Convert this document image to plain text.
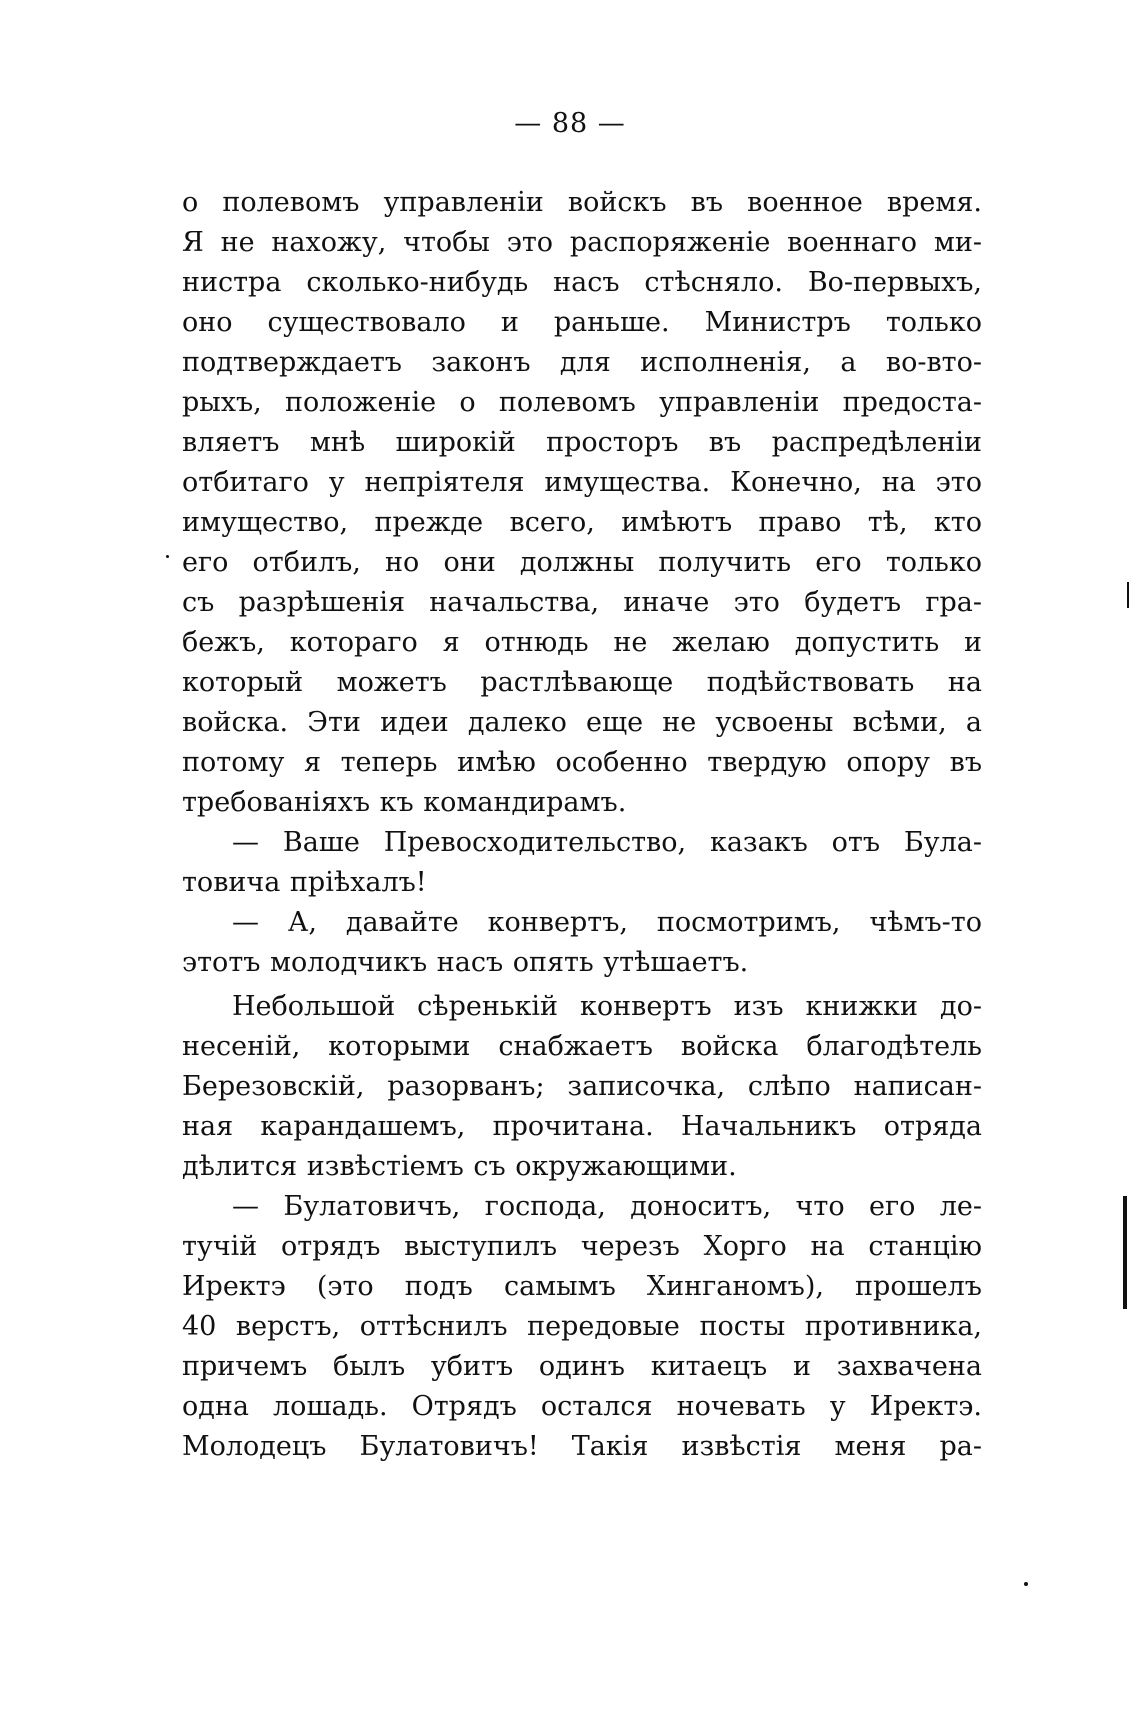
— 88 —
о полевомъ управленіи войскъ въ военное время.
Я не нахожу, чтобы это распоряженіе военнаго ми-
нистра сколько-нибудь насъ стѣсняло. Во-первыхъ,
оно существовало и раньше. Министръ только
подтверждаетъ законъ для исполненія, а во-вто-
рыхъ, положеніе о полевомъ управленіи предоста-
вляетъ мнѣ широкій просторъ въ распредѣленіи
отбитаго у непріятеля имущества. Конечно, на это
имущество, прежде всего, имѣютъ право тѣ, кто
его отбилъ, но они должны получить его только
съ разрѣшенія начальства, иначе это будетъ гра-
бежъ, котораго я отнюдь не желаю допустить и
который можетъ растлѣвающе подѣйствовать на
войска. Эти идеи далеко еще не усвоены всѣми, а
потому я теперь имѣю особенно твердую опору въ
требованіяхъ къ командирамъ.
— Ваше Превосходительство, казакъ отъ Була-
товича пріѣхалъ!
— А, давайте конвертъ, посмотримъ, чѣмъ-то
этотъ молодчикъ насъ опять утѣшаетъ.
Небольшой сѣренькій конвертъ изъ книжки до-
несеній, которыми снабжаетъ войска благодѣтель
Березовскій, разорванъ; записочка, слѣпо написан-
ная карандашемъ, прочитана. Начальникъ отряда
дѣлится извѣстіемъ съ окружающими.
— Булатовичъ, господа, доноситъ, что его ле-
тучій отрядъ выступилъ черезъ Хорго на станцію
Иректэ (это подъ самымъ Хинганомъ), прошелъ
40 верстъ, оттѣснилъ передовые посты противника,
причемъ былъ убитъ одинъ китаецъ и захвачена
одна лошадь. Отрядъ остался ночевать у Иректэ.
Молодецъ Булатовичъ! Такія извѣстія меня ра-
